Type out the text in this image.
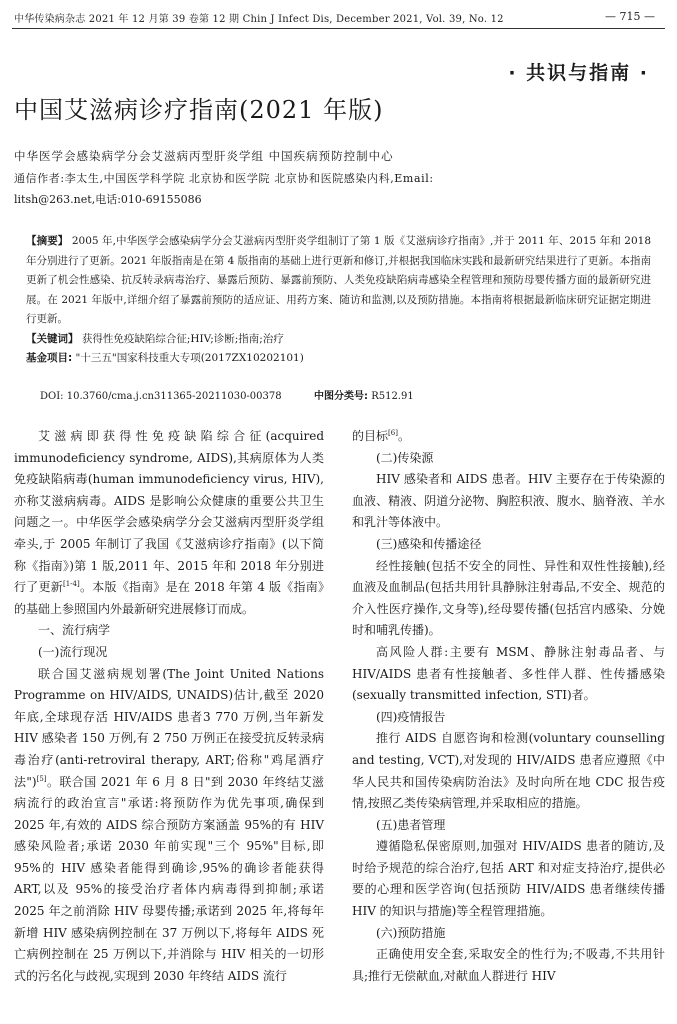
中华传染病杂志 2021 年 12 月第 39 卷第 12 期 Chin J Infect Dis, December 2021, Vol. 39, No. 12	— 715 —
· 共识与指南 ·
中国艾滋病诊疗指南(2021 年版)
中华医学会感染病学分会艾滋病丙型肝炎学组 中国疾病预防控制中心
通信作者:李太生,中国医学科学院 北京协和医学院 北京协和医院感染内科,Email:
litsh@263.net,电话:010-69155086
【摘要】 2005 年,中华医学会感染病学分会艾滋病丙型肝炎学组制订了第 1 版《艾滋病诊疗指南》,并于 2011 年、2015 年和 2018 年分别进行了更新。2021 年版指南是在第 4 版指南的基础上进行更新和修订,并根据我国临床实践和最新研究结果进行了更新。本指南更新了机会性感染、抗反转录病毒治疗、暴露后预防、暴露前预防、人类免疫缺陷病毒感染全程管理和预防母婴传播方面的最新研究进展。在 2021 年版中,详细介绍了暴露前预防的适应证、用药方案、随访和监测,以及预防措施。本指南将根据最新临床研究证据定期进行更新。
【关键词】 获得性免疫缺陷综合征;HIV;诊断;指南;治疗
基金项目: "十三五"国家科技重大专项(2017ZX10202101)
DOI: 10.3760/cma.j.cn311365-20211030-00378	中图分类号: R512.91

艾滋病即获得性免疫缺陷综合征(acquired immunodeficiency syndrome, AIDS),其病原体为人类免疫缺陷病毒(human immunodeficiency virus, HIV),亦称艾滋病病毒。AIDS 是影响公众健康的重要公共卫生问题之一。中华医学会感染病学分会艾滋病丙型肝炎学组牵头,于 2005 年制订了我国《艾滋病诊疗指南》(以下简称《指南》)第 1 版,2011 年、2015 年和 2018 年分别进行了更新[1-4]。本版《指南》是在 2018 年第 4 版《指南》的基础上参照国内外最新研究进展修订而成。

一、流行病学

(一)流行现况

联合国艾滋病规划署(The Joint United Nations Programme on HIV/AIDS, UNAIDS)估计,截至 2020 年底,全球现存活 HIV/AIDS 患者3 770 万例,当年新发 HIV 感染者 150 万例,有 2 750 万例正在接受抗反转录病毒治疗(anti-retroviral therapy, ART;俗称"鸡尾酒疗法")[5]。联合国 2021 年 6 月 8 日"到 2030 年终结艾滋病流行的政治宣言"承诺:将预防作为优先事项,确保到 2025 年,有效的 AIDS 综合预防方案涵盖 95%的有 HIV 感染风险者;承诺 2030 年前实现"三个 95%"目标,即 95%的 HIV 感染者能得到确诊,95%的确诊者能获得 ART,以及 95%的接受治疗者体内病毒得到抑制;承诺 2025 年之前消除 HIV 母婴传播;承诺到 2025 年,将每年新增 HIV 感染病例控制在 37 万例以下,将每年 AIDS 死亡病例控制在 25 万例以下,并消除与 HIV 相关的一切形式的污名化与歧视,实现到 2030 年终结 AIDS 流行

的目标[6]。

(二)传染源

HIV 感染者和 AIDS 患者。HIV 主要存在于传染源的血液、精液、阴道分泌物、胸腔积液、腹水、脑脊液、羊水和乳汁等体液中。

(三)感染和传播途径

经性接触(包括不安全的同性、异性和双性性接触),经血液及血制品(包括共用针具静脉注射毒品,不安全、规范的介入性医疗操作,文身等),经母婴传播(包括宫内感染、分娩时和哺乳传播)。

高风险人群:主要有 MSM、静脉注射毒品者、与 HIV/AIDS 患者有性接触者、多性伴人群、性传播感染(sexually transmitted infection, STI)者。

(四)疫情报告

推行 AIDS 自愿咨询和检测(voluntary counselling and testing, VCT),对发现的 HIV/AIDS 患者应遵照《中华人民共和国传染病防治法》及时向所在地 CDC 报告疫情,按照乙类传染病管理,并采取相应的措施。

(五)患者管理

遵循隐私保密原则,加强对 HIV/AIDS 患者的随访,及时给予规范的综合治疗,包括 ART 和对症支持治疗,提供必要的心理和医学咨询(包括预防 HIV/AIDS 患者继续传播 HIV 的知识与措施)等全程管理措施。

(六)预防措施

正确使用安全套,采取安全的性行为;不吸毒,不共用针具;推行无偿献血,对献血人群进行 HIV
